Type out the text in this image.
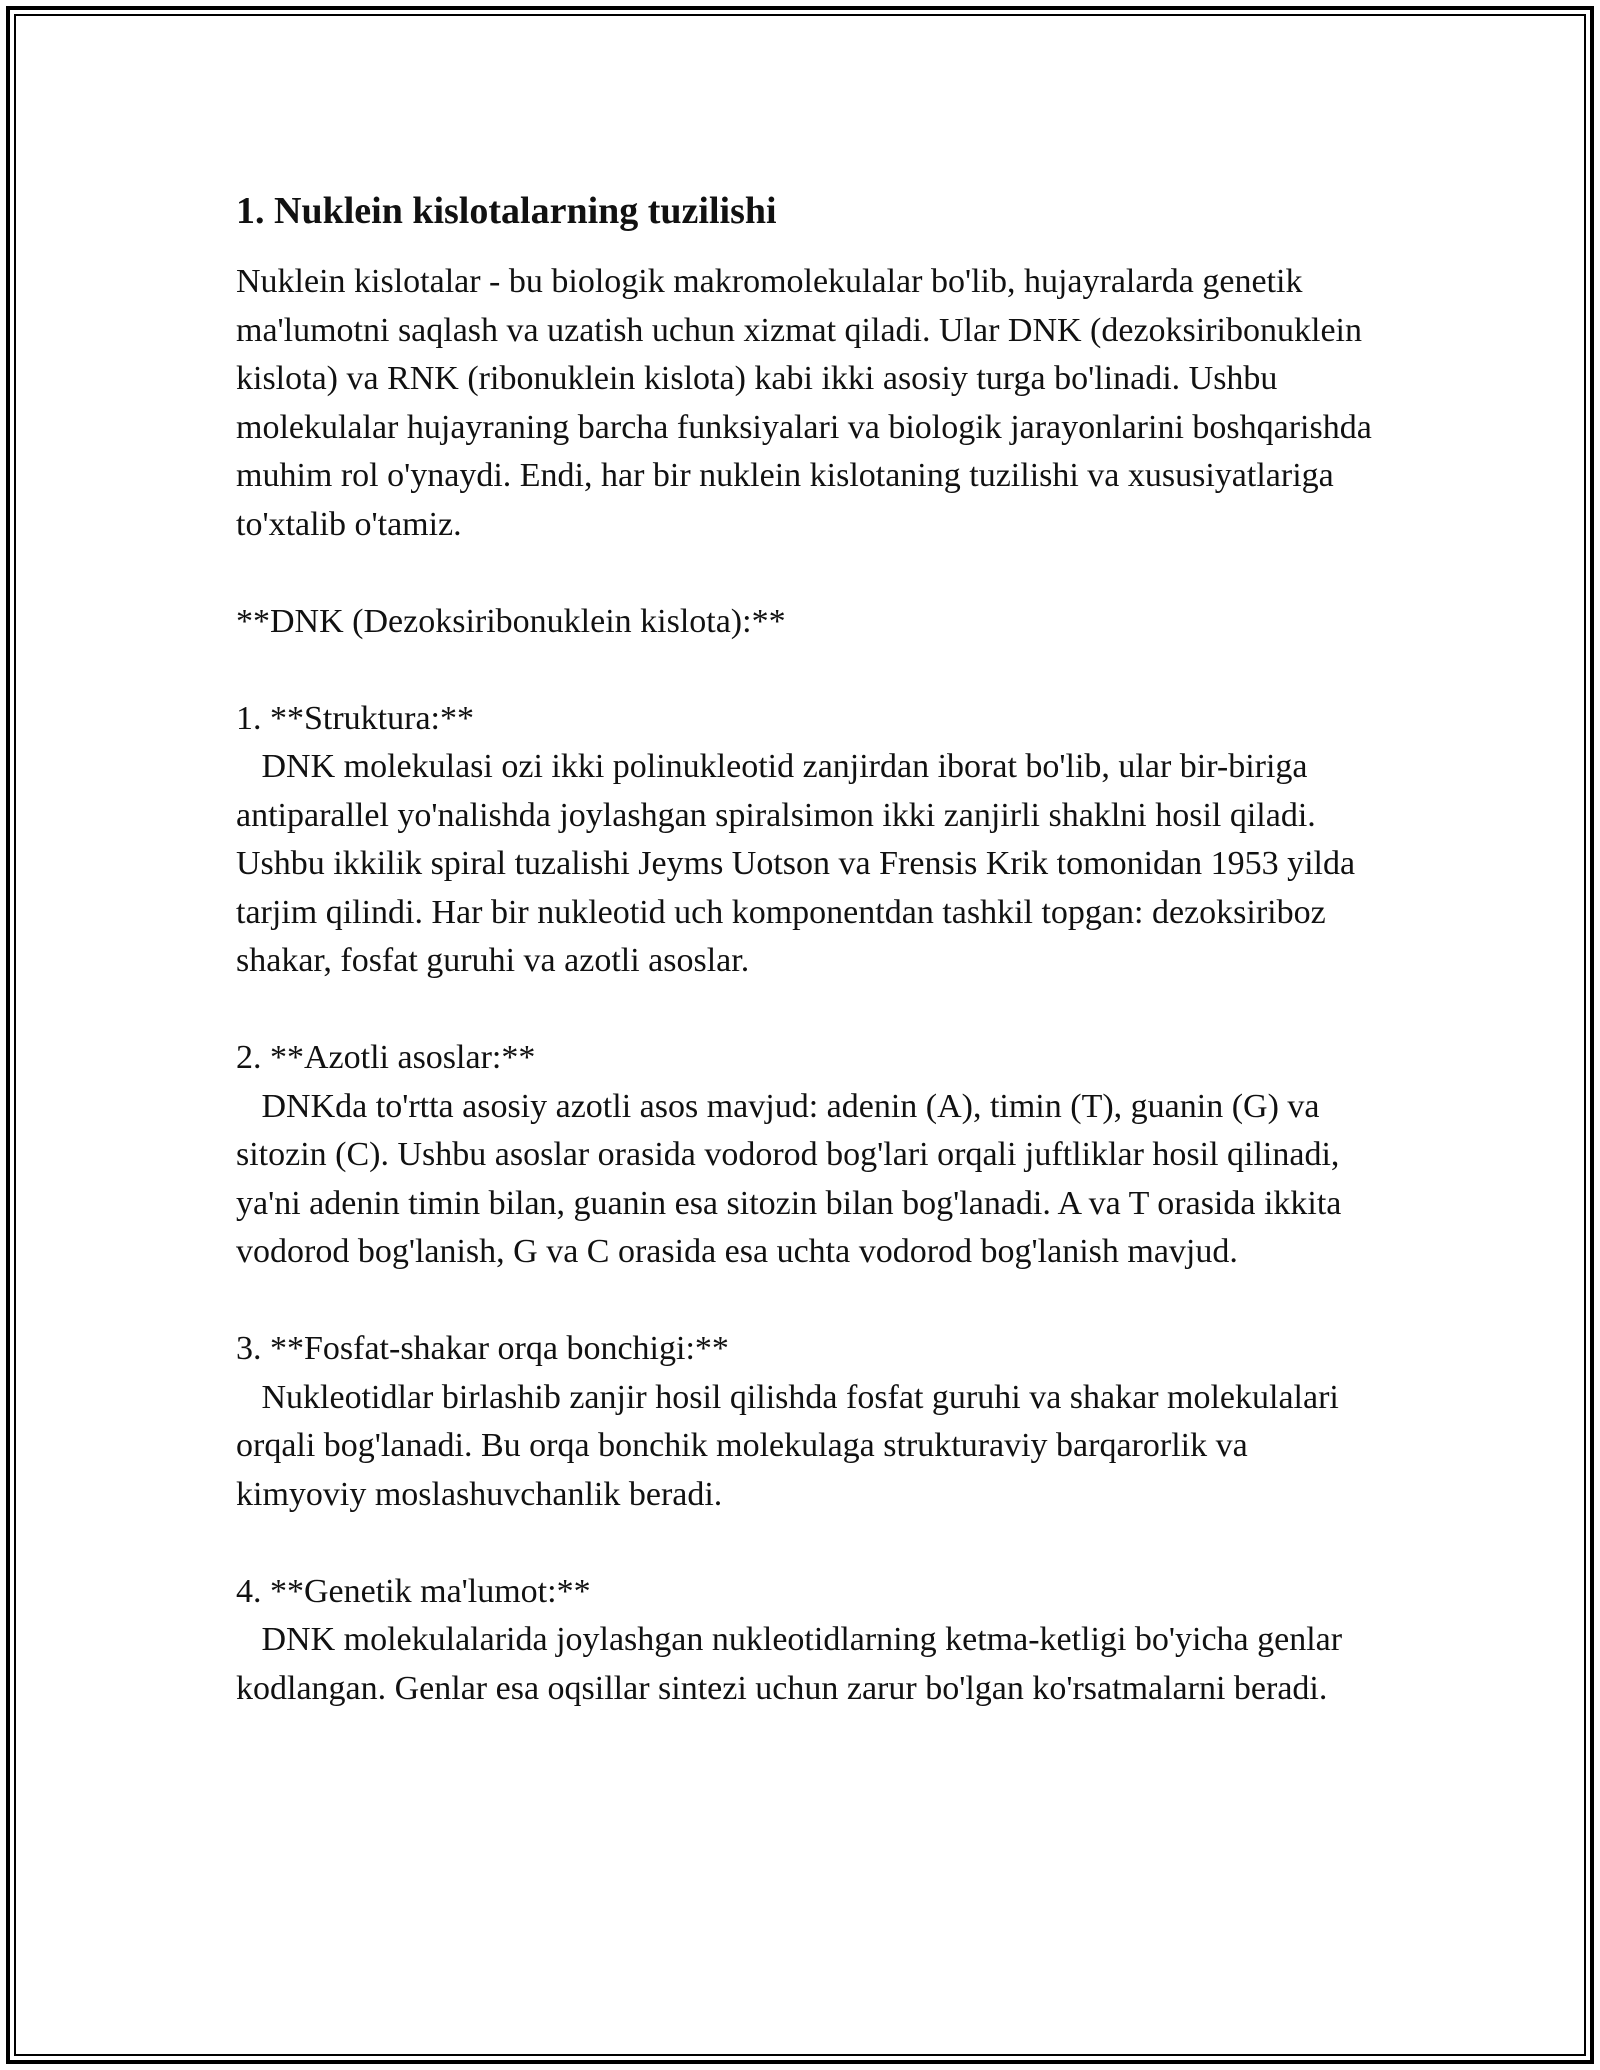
1. Nuklein kislotalarning tuzilishi

Nuklein kislotalar - bu biologik makromolekulalar bo'lib, hujayralarda genetik ma'lumotni saqlash va uzatish uchun xizmat qiladi. Ular DNK (dezoksiribonuklein kislota) va RNK (ribonuklein kislota) kabi ikki asosiy turga bo'linadi. Ushbu molekulalar hujayraning barcha funksiyalari va biologik jarayonlarini boshqarishda muhim rol o'ynaydi. Endi, har bir nuklein kislotaning tuzilishi va xususiyatlariga to'xtalib o'tamiz.

**DNK (Dezoksiribonuklein kislota):**

1. **Struktura:**
DNK molekulasi ozi ikki polinukleotid zanjirdan iborat bo'lib, ular bir-biriga antiparallel yo'nalishda joylashgan spiralsimon ikki zanjirli shaklni hosil qiladi. Ushbu ikkilik spiral tuzalishi Jeyms Uotson va Frensis Krik tomonidan 1953 yilda tarjim qilindi. Har bir nukleotid uch komponentdan tashkil topgan: dezoksiriboz shakar, fosfat guruhi va azotli asoslar.

2. **Azotli asoslar:**
DNKda to'rtta asosiy azotli asos mavjud: adenin (A), timin (T), guanin (G) va sitozin (C). Ushbu asoslar orasida vodorod bog'lari orqali juftliklar hosil qilinadi, ya'ni adenin timin bilan, guanin esa sitozin bilan bog'lanadi. A va T orasida ikkita vodorod bog'lanish, G va C orasida esa uchta vodorod bog'lanish mavjud.

3. **Fosfat-shakar orqa bonchigi:**
Nukleotidlar birlashib zanjir hosil qilishda fosfat guruhi va shakar molekulalari orqali bog'lanadi. Bu orqa bonchik molekulaga strukturaviy barqarorlik va kimyoviy moslashuvchanlik beradi.

4. **Genetik ma'lumot:**
DNK molekulalarida joylashgan nukleotidlarning ketma-ketligi bo'yicha genlar kodlangan. Genlar esa oqsillar sintezi uchun zarur bo'lgan ko'rsatmalarni beradi.
